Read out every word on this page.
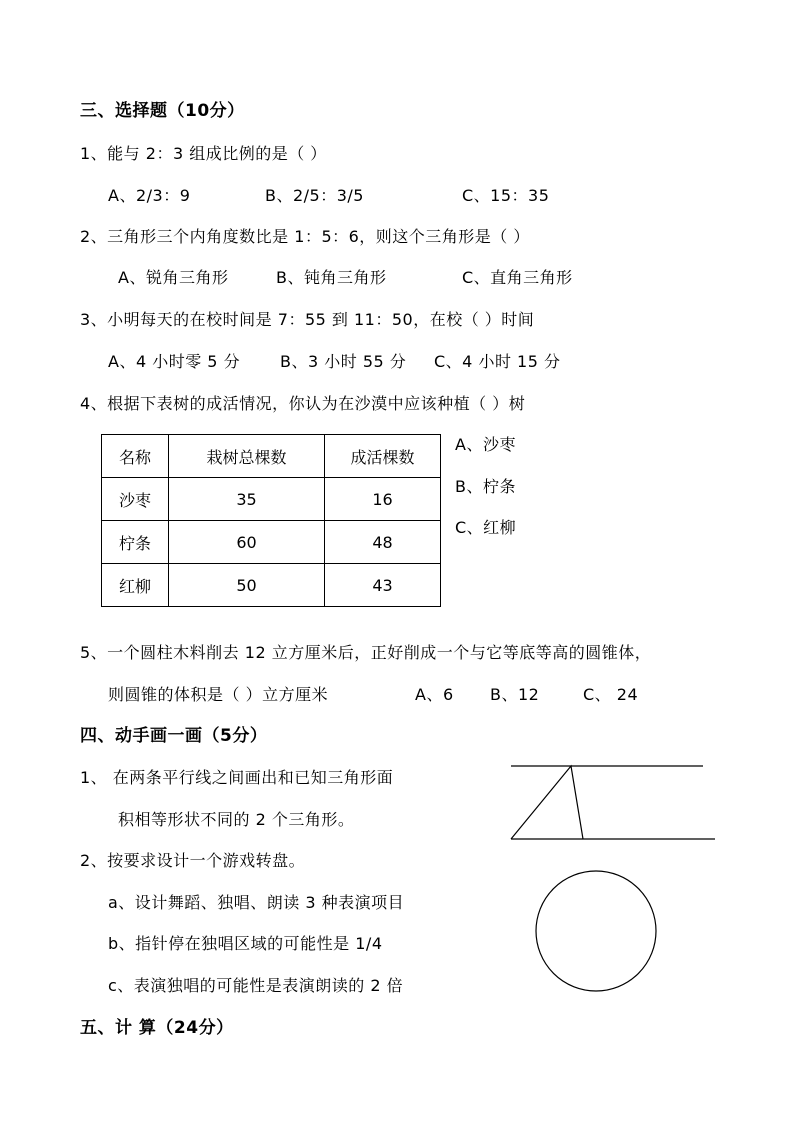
三、选择题（10分）
1、能与 2：3 组成比例的是（ ）
A、2/3：9	B、2/5：3/5	C、15：35
2、三角形三个内角度数比是 1：5：6，则这个三角形是（ ）
A、锐角三角形	B、钝角三角形	C、直角三角形
3、小明每天的在校时间是 7：55 到 11：50，在校（ ）时间
A、4 小时零 5 分 B、3 小时 55 分 C、4 小时 15 分
4、根据下表树的成活情况，你认为在沙漠中应该种植（ ）树
名称	栽树总棵数	成活棵数
沙枣	35	16
柠条	60	48
红柳	50	43
A、沙枣
B、柠条
C、红柳
5、一个圆柱木料削去 12 立方厘米后，正好削成一个与它等底等高的圆锥体，
则圆锥的体积是（ ）立方厘米	A、6 B、12	C、 24
四、动手画一画（5分）
1、 在两条平行线之间画出和已知三角形面
积相等形状不同的 2 个三角形。
2、按要求设计一个游戏转盘。
a、设计舞蹈、独唱、朗读 3 种表演项目
b、指针停在独唱区域的可能性是 1/4
c、表演独唱的可能性是表演朗读的 2 倍
五、计 算（24分）
